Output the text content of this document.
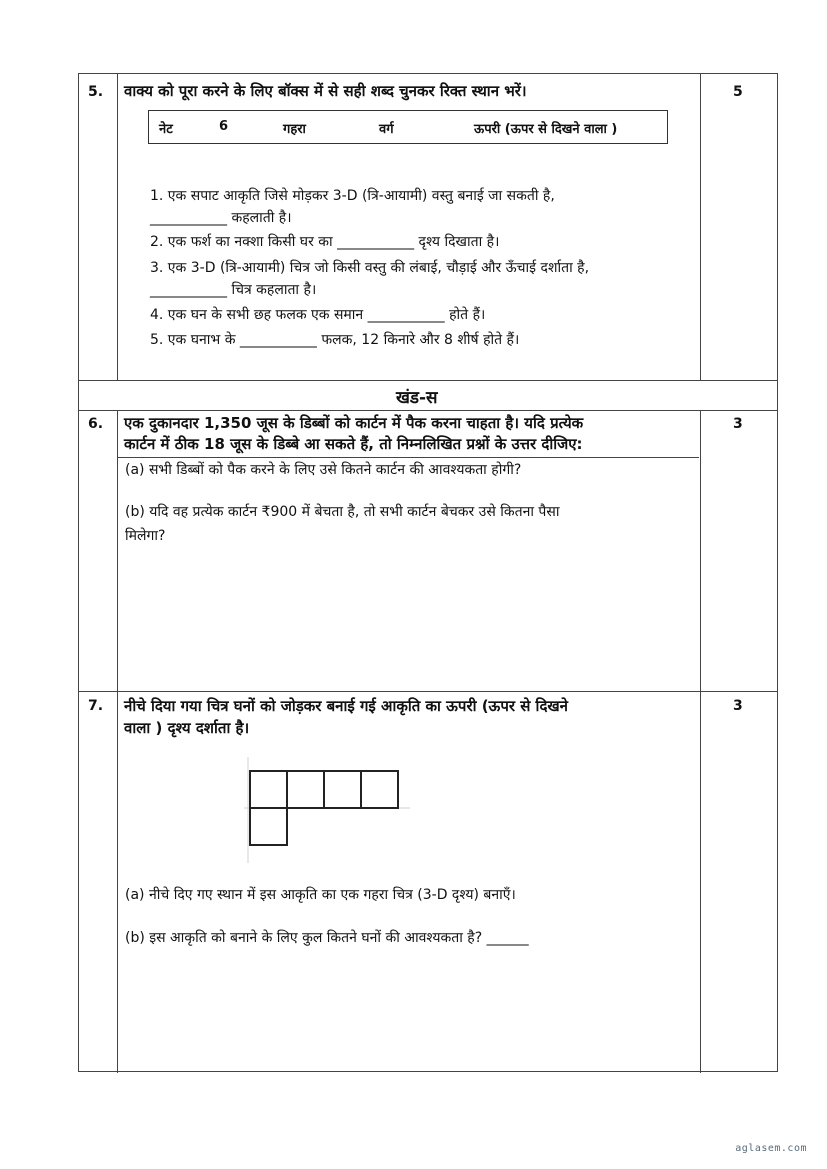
5. वाक्य को पूरा करने के लिए बॉक्स में से सही शब्द चुनकर रिक्त स्थान भरें।	5
नेट	6	गहरा	वर्ग	ऊपरी (ऊपर से दिखने वाला )
1. एक सपाट आकृति जिसे मोड़कर 3-D (त्रि-आयामी) वस्तु बनाई जा सकती है,
___________ कहलाती है।
2. एक फर्श का नक्शा किसी घर का ___________ दृश्य दिखाता है।
3. एक 3-D (त्रि-आयामी) चित्र जो किसी वस्तु की लंबाई, चौड़ाई और ऊँचाई दर्शाता है,
___________ चित्र कहलाता है।
4. एक घन के सभी छह फलक एक समान ___________ होते हैं।
5. एक घनाभ के ___________ फलक, 12 किनारे और 8 शीर्ष होते हैं।
खंड-स
6. एक दुकानदार 1,350 जूस के डिब्बों को कार्टन में पैक करना चाहता है। यदि प्रत्येक
कार्टन में ठीक 18 जूस के डिब्बे आ सकते हैं, तो निम्नलिखित प्रश्नों के उत्तर दीजिए:
3
(a) सभी डिब्बों को पैक करने के लिए उसे कितने कार्टन की आवश्यकता होगी?
(b) यदि वह प्रत्येक कार्टन ₹900 में बेचता है, तो सभी कार्टन बेचकर उसे कितना पैसा
मिलेगा?
7. नीचे दिया गया चित्र घनों को जोड़कर बनाई गई आकृति का ऊपरी (ऊपर से दिखने
वाला ) दृश्य दर्शाता है।
3
(a) नीचे दिए गए स्थान में इस आकृति का एक गहरा चित्र (3-D दृश्य) बनाएँ।
(b) इस आकृति को बनाने के लिए कुल कितने घनों की आवश्यकता है? ______
aglasem.com
